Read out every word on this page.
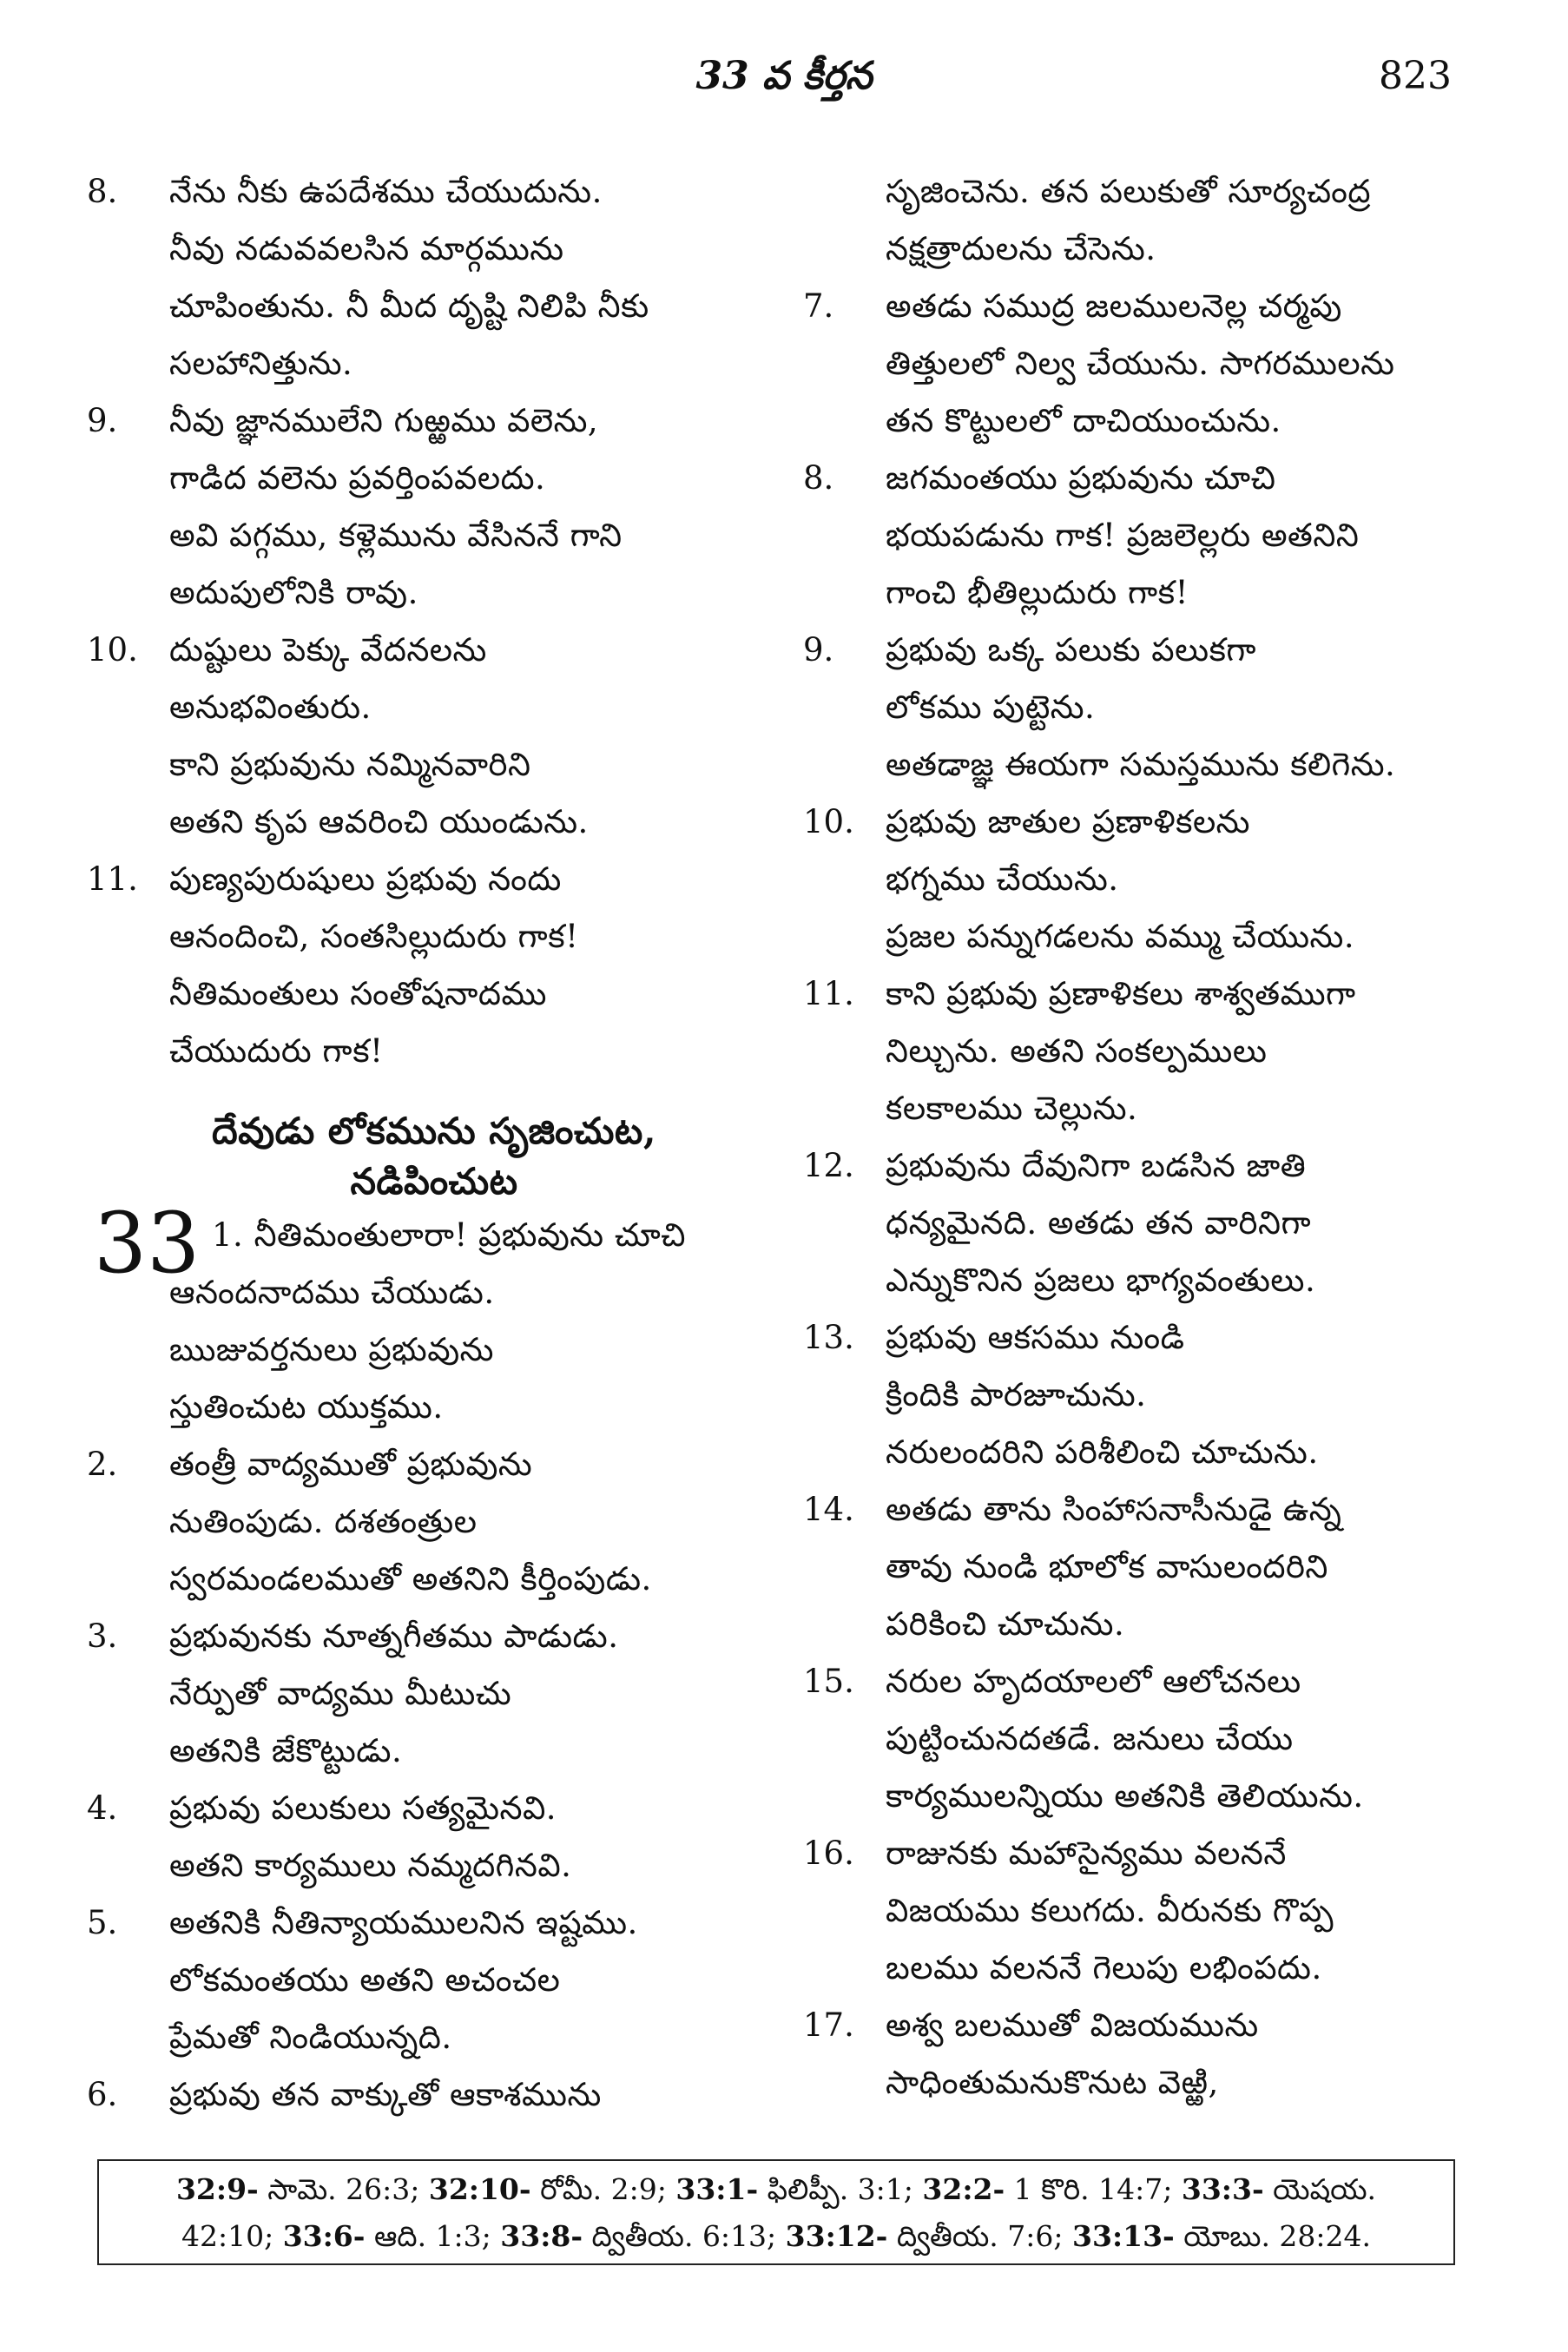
33 వ కీర్తన	823
8. నేను నీకు ఉపదేశము చేయుదును.
నీవు నడువవలసిన మార్గమును
చూపింతును. నీ మీద దృష్టి నిలిపి నీకు
సలహానిత్తును.
9. నీవు జ్ఞానములేని గుఱ్ఱము వలెను,
గాడిద వలెను ప్రవర్తింపవలదు.
అవి పగ్గము, కళ్లెమును వేసిననే గాని
అదుపులోనికి రావు.
10. దుష్టులు పెక్కు వేదనలను
అనుభవింతురు.
కాని ప్రభువును నమ్మినవారిని
అతని కృప ఆవరించి యుండును.
11. పుణ్యపురుషులు ప్రభువు నందు
ఆనందించి, సంతసిల్లుదురు గాక!
నీతిమంతులు సంతోషనాదము
చేయుదురు గాక!
దేవుడు లోకమును సృజించుట,
నడిపించుట
33 1. నీతిమంతులారా! ప్రభువును చూచి
ఆనందనాదము చేయుడు.
ఋజువర్తనులు ప్రభువును
స్తుతించుట యుక్తము.
2. తంత్రీ వాద్యముతో ప్రభువును
నుతింపుడు. దశతంత్రుల
స్వరమండలముతో అతనిని కీర్తింపుడు.
3. ప్రభువునకు నూత్నగీతము పాడుడు.
నేర్పుతో వాద్యము మీటుచు
అతనికి జేకొట్టుడు.
4. ప్రభువు పలుకులు సత్యమైనవి.
అతని కార్యములు నమ్మదగినవి.
5. అతనికి నీతిన్యాయములనిన ఇష్టము.
లోకమంతయు అతని అచంచల
ప్రేమతో నిండియున్నది.
6. ప్రభువు తన వాక్కుతో ఆకాశమును
సృజించెను. తన పలుకుతో సూర్యచంద్ర
నక్షత్రాదులను చేసెను.
7. అతడు సముద్ర జలములనెల్ల చర్మపు
తిత్తులలో నిల్వ చేయును. సాగరములను
తన కొట్టులలో దాచియుంచును.
8. జగమంతయు ప్రభువును చూచి
భయపడును గాక! ప్రజలెల్లరు అతనిని
గాంచి భీతిల్లుదురు గాక!
9. ప్రభువు ఒక్క పలుకు పలుకగా
లోకము పుట్టెను.
అతడాజ్ఞ ఈయగా సమస్తమును కలిగెను.
10. ప్రభువు జాతుల ప్రణాళికలను
భగ్నము చేయును.
ప్రజల పన్నుగడలను వమ్ము చేయును.
11. కాని ప్రభువు ప్రణాళికలు శాశ్వతముగా
నిల్చును. అతని సంకల్పములు
కలకాలము చెల్లును.
12. ప్రభువును దేవునిగా బడసిన జాతి
ధన్యమైనది. అతడు తన వారినిగా
ఎన్నుకొనిన ప్రజలు భాగ్యవంతులు.
13. ప్రభువు ఆకసము నుండి
క్రిందికి పారజూచును.
నరులందరిని పరిశీలించి చూచును.
14. అతడు తాను సింహాసనాసీనుడై ఉన్న
తావు నుండి భూలోక వాసులందరిని
పరికించి చూచును.
15. నరుల హృదయాలలో ఆలోచనలు
పుట్టించునదతడే. జనులు చేయు
కార్యములన్నియు అతనికి తెలియును.
16. రాజునకు మహాసైన్యము వలననే
విజయము కలుగదు. వీరునకు గొప్ప
బలము వలననే గెలుపు లభింపదు.
17. అశ్వ బలముతో విజయమును
సాధింతుమనుకొనుట వెఱ్ఱి,
32:9- సామె. 26:3; 32:10- రోమీ. 2:9; 33:1- ఫిలిప్పీ. 3:1; 32:2- 1 కొరి. 14:7; 33:3- యెషయ.
42:10; 33:6- ఆది. 1:3; 33:8- ద్వితీయ. 6:13; 33:12- ద్వితీయ. 7:6; 33:13- యోబు. 28:24.
